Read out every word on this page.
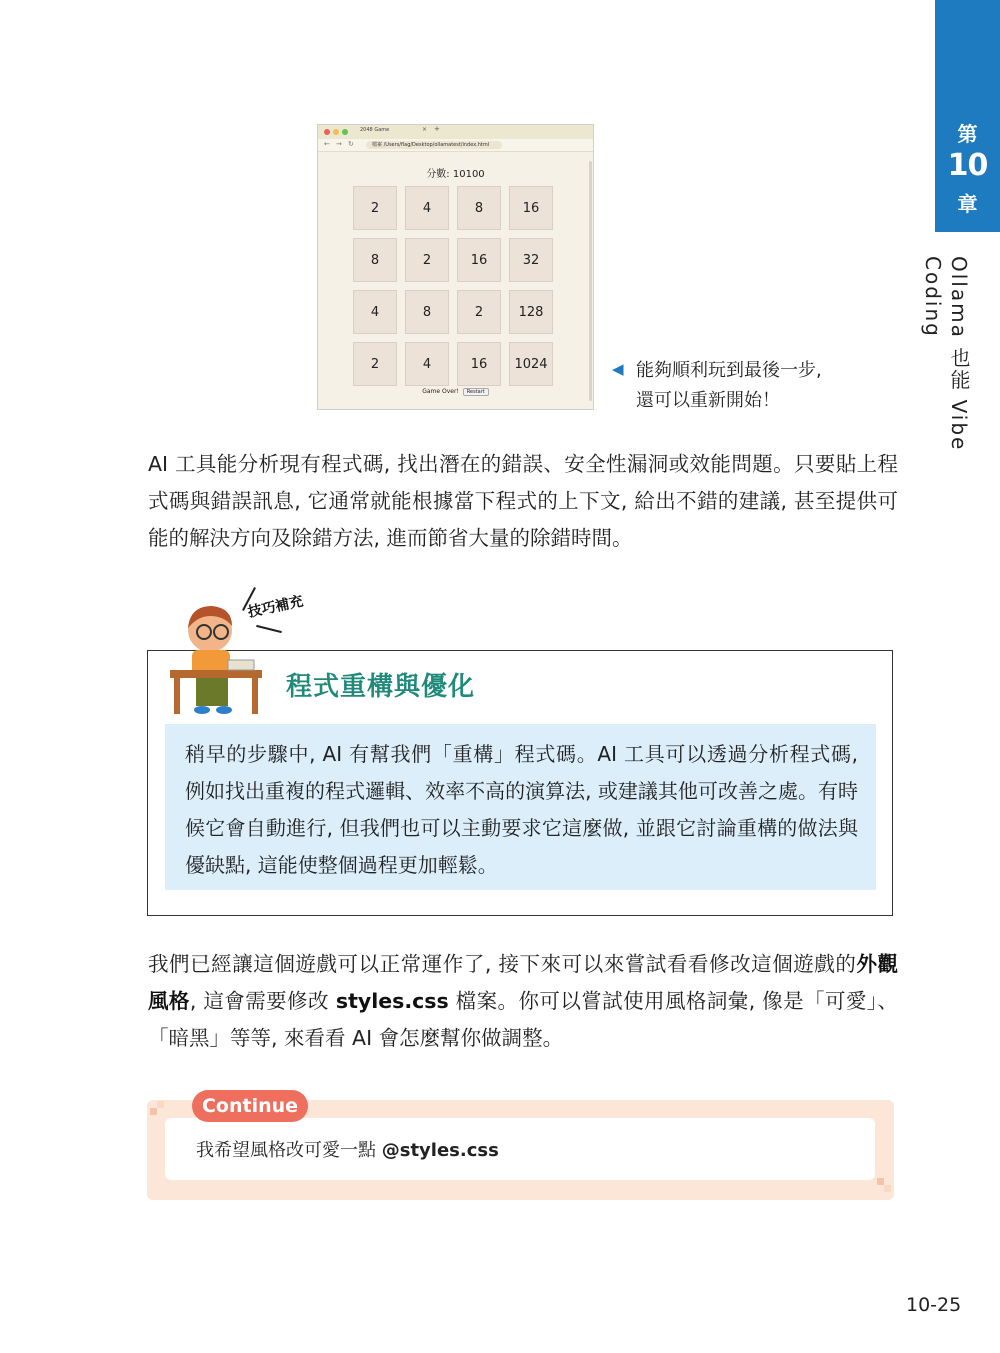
第
10
章
Ollama 也能 Vibe Coding
2048 Game	× +
← → ↻	檔案 /Users/flag/Desktop/ollamatest/index.html
分數: 10100
2	4	8	16
8	2	16	32
4	8	2	128
2	4	16	1024
Game Over! Restart
◀ 能夠順利玩到最後一步, 還可以重新開始！
AI 工具能分析現有程式碼, 找出潛在的錯誤、安全性漏洞或效能問題。只要貼上程式碼與錯誤訊息, 它通常就能根據當下程式的上下文, 給出不錯的建議, 甚至提供可能的解決方向及除錯方法, 進而節省大量的除錯時間。
技巧補充
程式重構與優化
稍早的步驟中, AI 有幫我們「重構」程式碼。AI 工具可以透過分析程式碼, 例如找出重複的程式邏輯、效率不高的演算法, 或建議其他可改善之處。有時候它會自動進行, 但我們也可以主動要求它這麼做, 並跟它討論重構的做法與優缺點, 這能使整個過程更加輕鬆。
我們已經讓這個遊戲可以正常運作了, 接下來可以來嘗試看看修改這個遊戲的外觀風格, 這會需要修改 styles.css 檔案。你可以嘗試使用風格詞彙, 像是「可愛」、「暗黑」等等, 來看看 AI 會怎麼幫你做調整。
Continue
我希望風格改可愛一點 @styles.css
10-25
